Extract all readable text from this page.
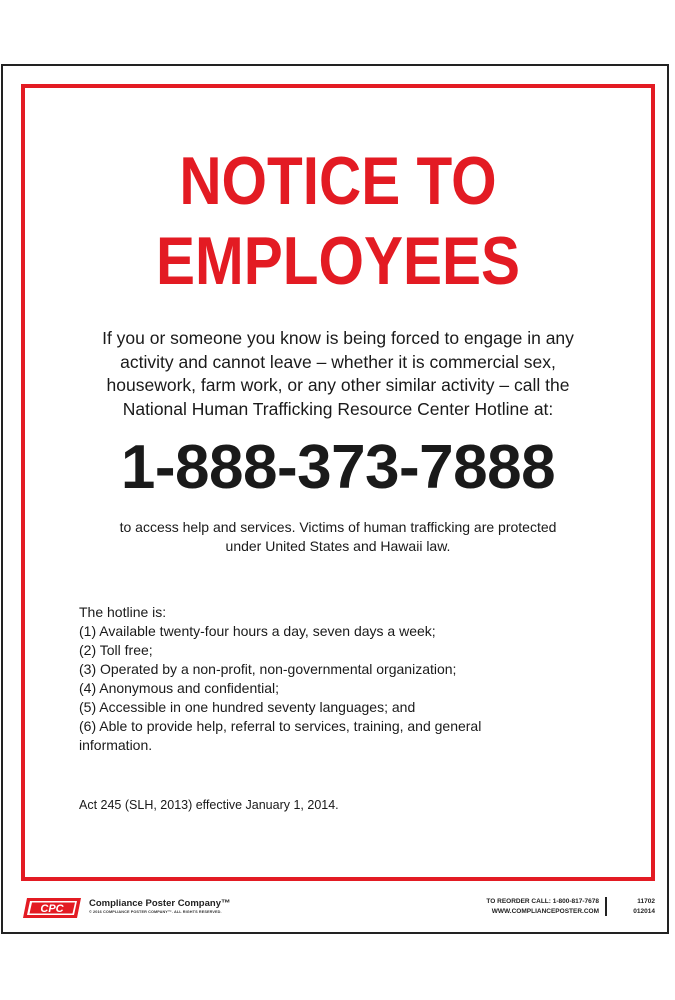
NOTICE TO
EMPLOYEES
If you or someone you know is being forced to engage in any
activity and cannot leave – whether it is commercial sex,
housework, farm work, or any other similar activity – call the
National Human Trafficking Resource Center Hotline at:
1-888-373-7888
to access help and services. Victims of human trafficking are protected
under United States and Hawaii law.
The hotline is:
(1) Available twenty-four hours a day, seven days a week;
(2) Toll free;
(3) Operated by a non-profit, non-governmental organization;
(4) Anonymous and confidential;
(5) Accessible in one hundred seventy languages; and
(6) Able to provide help, referral to services, training, and general
information.
Act 245 (SLH, 2013) effective January 1, 2014.
CPC	Compliance Poster Company™
© 2016 COMPLIANCE POSTER COMPANY™. ALL RIGHTS RESERVED.
TO REORDER CALL: 1-800-817-7678
WWW.COMPLIANCEPOSTER.COM
11702
012014
